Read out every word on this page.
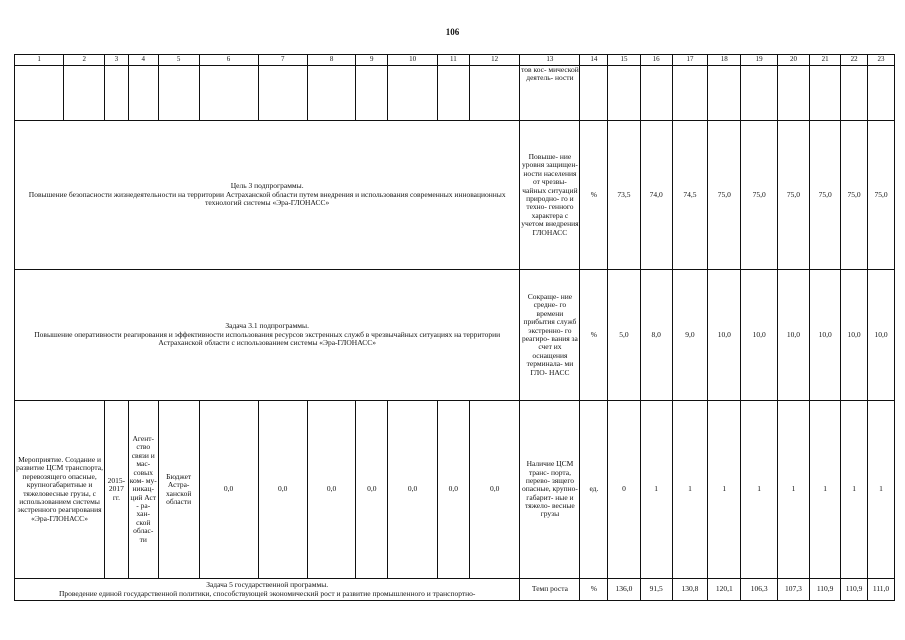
106
1	2	3	4	5	6	7	8	9	10	11	12	13	14	15	16	17	18	19	20	21	22	23
												тов кос- мической деятель- ности										

Цель 3 подпрограммы.
Повышение безопасности жизнедеятельности на территории Астраханской области путем внедрения и использования современных инновационных технологий системы «Эра-ГЛОНАСС»												Повыше- ние уровня защищен- ности населения от чрезвы- чайных ситуаций природно- го и техно- генного характера с учетом внедрения ГЛОНАСС	%	73,5	74,0	74,5	75,0	75,0	75,0	75,0	75,0	75,0

Задача 3.1 подпрограммы.
Повышение оперативности реагирования и эффективности использования ресурсов экстренных служб в чрезвычайных ситуациях на территории Астраханской области с использованием системы «Эра-ГЛОНАСС»												Сокраще- ние средне- го времени прибытия служб экстренно- го реагиро- вания за счет их оснащения терминала- ми ГЛО- НАСС	%	5,0	8,0	9,0	10,0	10,0	10,0	10,0	10,0	10,0
Мероприятие. Создание и развитие ЦСМ транспорта, перевозящего опасные, крупногабаритные и тяжеловесные грузы, с использованием системы экстренного реагирования «Эра-ГЛОНАСС»		2015- 2017 гг.	Агент- ство связи и мас- совых ком- му- никац- ций Аст - ра- хан- ской облас- ти	Бюджет Астра- ханской области	0,0	0,0	0,0	0,0	0,0	0,0	0,0	Наличие ЦСМ транс- порта, перево- зящего опасные, крупно- габарит- ные и тяжело- весные грузы	ед.	0	1	1	1	1	1	1	1	1

Задача 5 государственной программы.
Проведение единой государственной политики, способствующей экономический рост и развитие промышленного и транспортно-												Темп роста	%	136,0	91,5	130,8	120,1	106,3	107,3	110,9	110,9	111,0
